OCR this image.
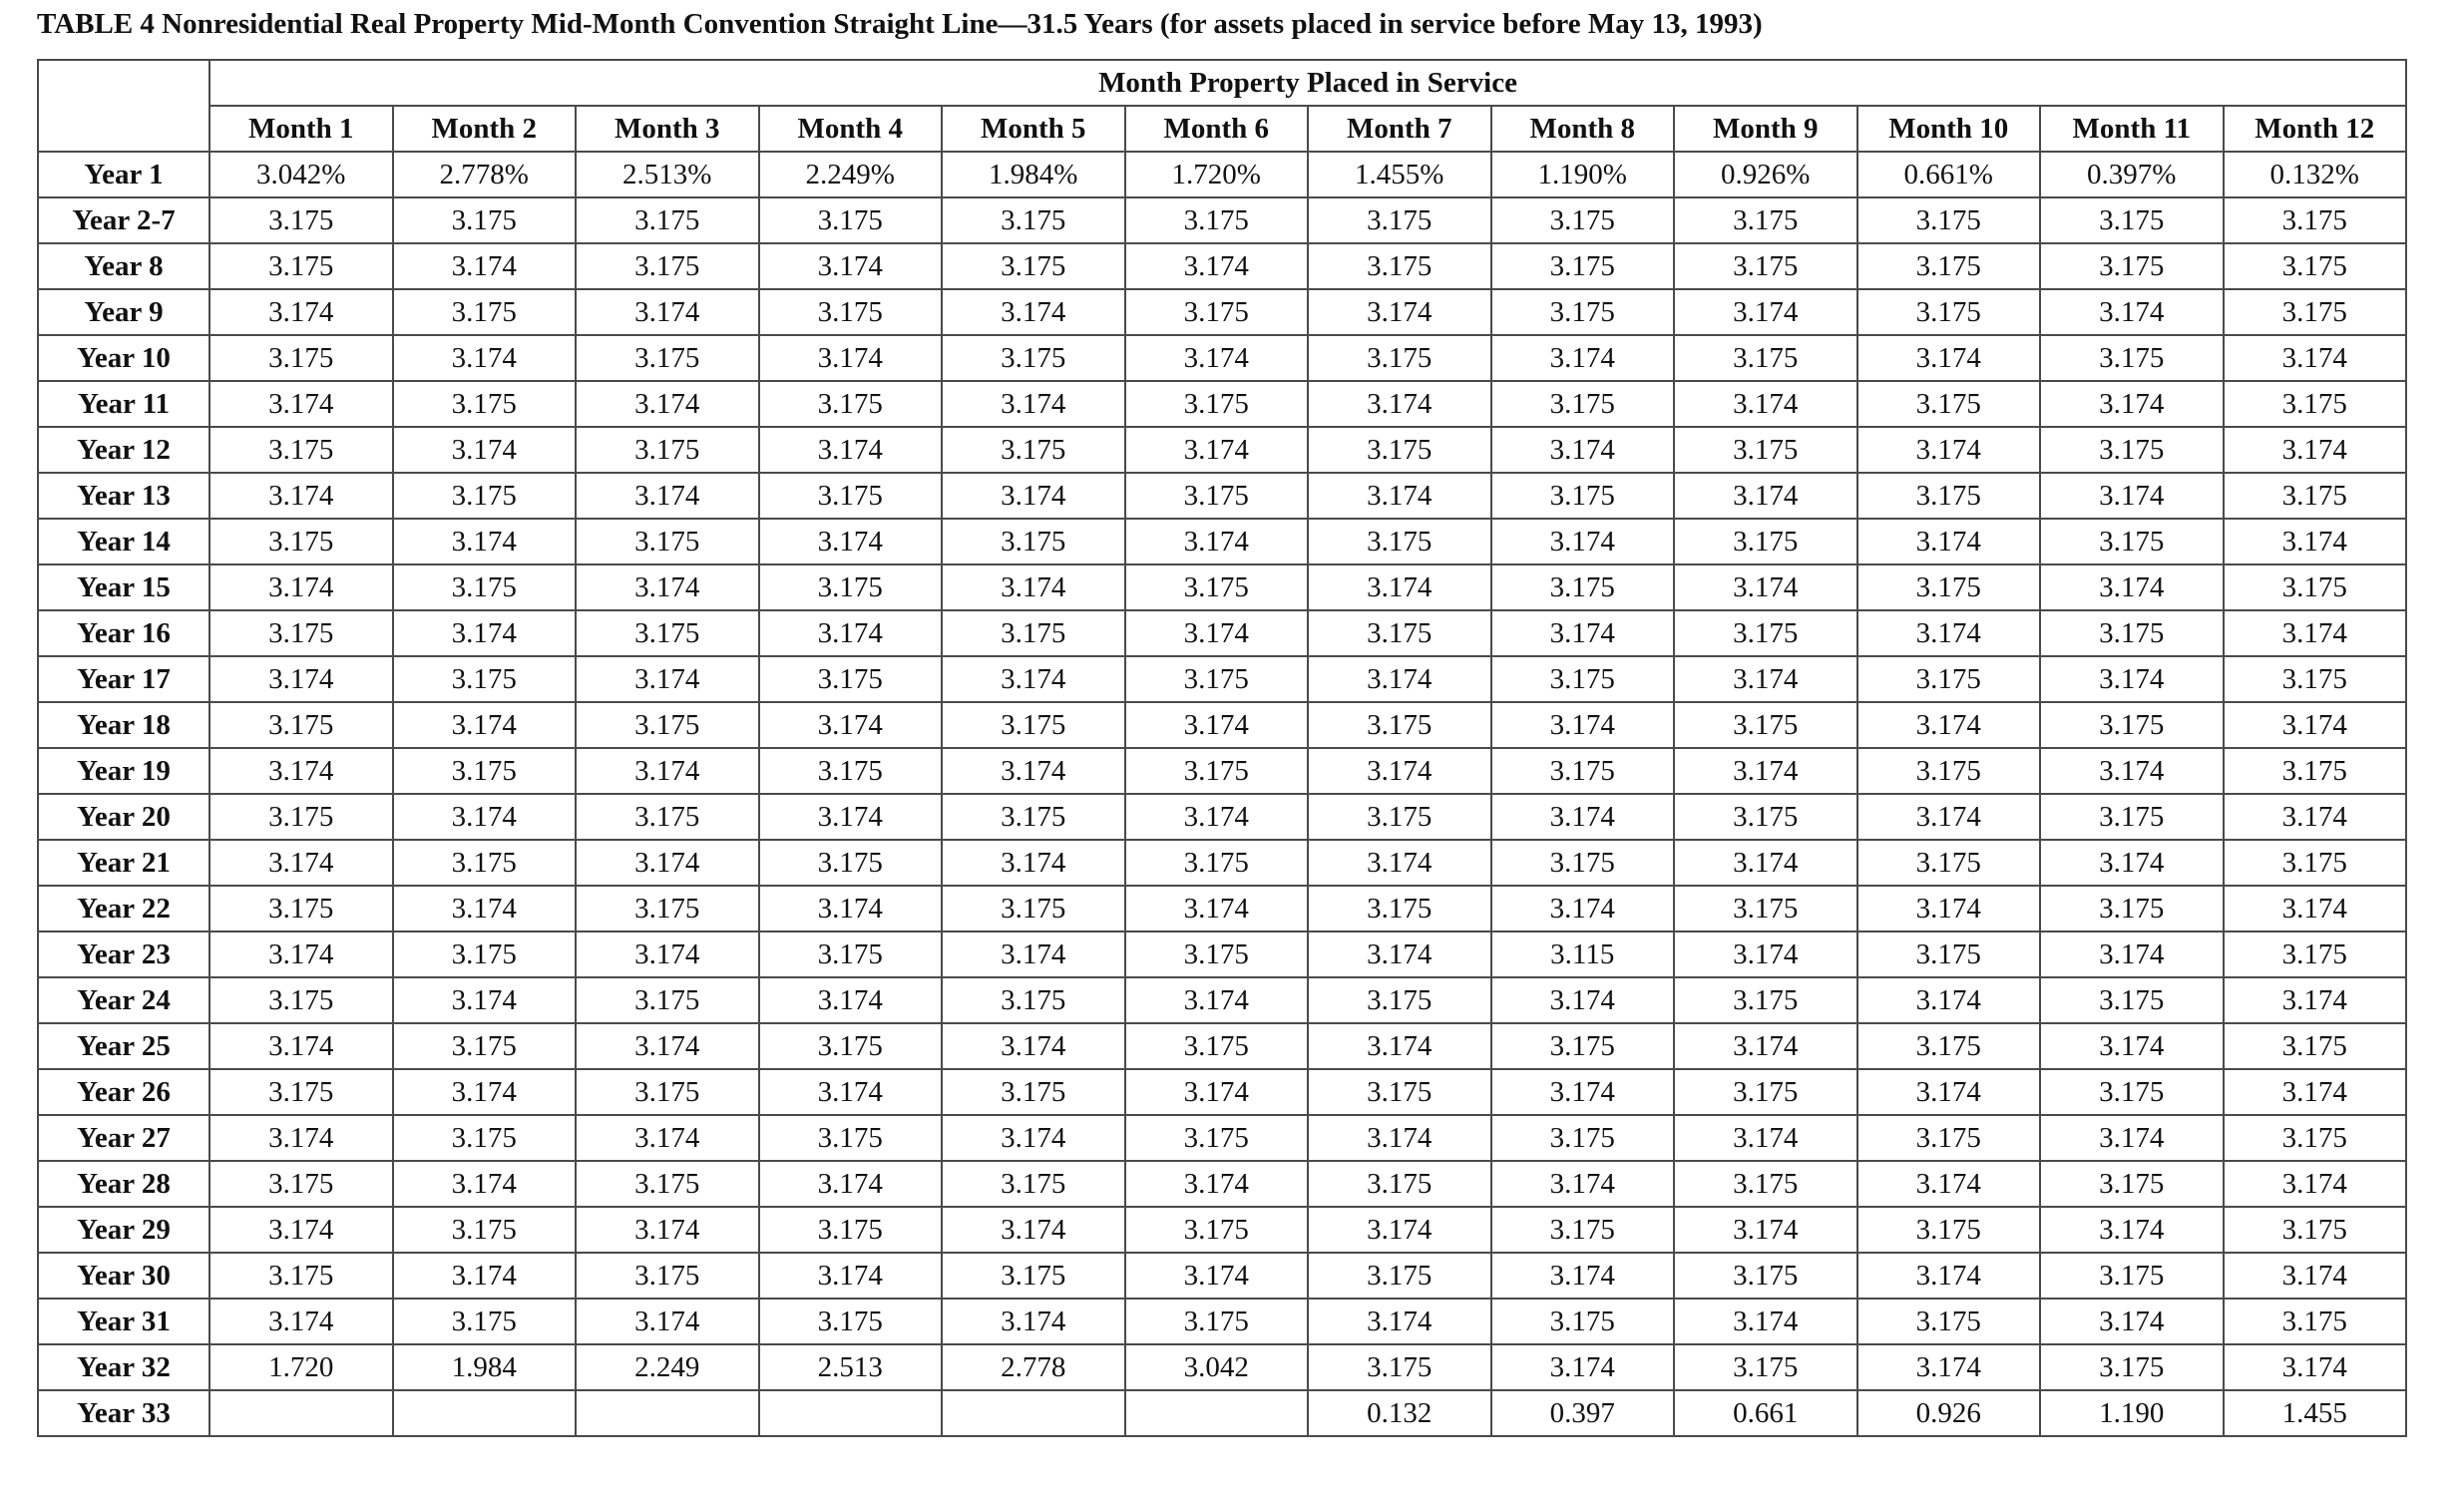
TABLE 4 Nonresidential Real Property Mid-Month Convention Straight Line—31.5 Years (for assets placed in service before May 13, 1993)
	Month Property Placed in Service											
	Month 1	Month 2	Month 3	Month 4	Month 5	Month 6	Month 7	Month 8	Month 9	Month 10	Month 11	Month 12
Year 1	3.042%	2.778%	2.513%	2.249%	1.984%	1.720%	1.455%	1.190%	0.926%	0.661%	0.397%	0.132%
Year 2-7	3.175	3.175	3.175	3.175	3.175	3.175	3.175	3.175	3.175	3.175	3.175	3.175
Year 8	3.175	3.174	3.175	3.174	3.175	3.174	3.175	3.175	3.175	3.175	3.175	3.175
Year 9	3.174	3.175	3.174	3.175	3.174	3.175	3.174	3.175	3.174	3.175	3.174	3.175
Year 10	3.175	3.174	3.175	3.174	3.175	3.174	3.175	3.174	3.175	3.174	3.175	3.174
Year 11	3.174	3.175	3.174	3.175	3.174	3.175	3.174	3.175	3.174	3.175	3.174	3.175
Year 12	3.175	3.174	3.175	3.174	3.175	3.174	3.175	3.174	3.175	3.174	3.175	3.174
Year 13	3.174	3.175	3.174	3.175	3.174	3.175	3.174	3.175	3.174	3.175	3.174	3.175
Year 14	3.175	3.174	3.175	3.174	3.175	3.174	3.175	3.174	3.175	3.174	3.175	3.174
Year 15	3.174	3.175	3.174	3.175	3.174	3.175	3.174	3.175	3.174	3.175	3.174	3.175
Year 16	3.175	3.174	3.175	3.174	3.175	3.174	3.175	3.174	3.175	3.174	3.175	3.174
Year 17	3.174	3.175	3.174	3.175	3.174	3.175	3.174	3.175	3.174	3.175	3.174	3.175
Year 18	3.175	3.174	3.175	3.174	3.175	3.174	3.175	3.174	3.175	3.174	3.175	3.174
Year 19	3.174	3.175	3.174	3.175	3.174	3.175	3.174	3.175	3.174	3.175	3.174	3.175
Year 20	3.175	3.174	3.175	3.174	3.175	3.174	3.175	3.174	3.175	3.174	3.175	3.174
Year 21	3.174	3.175	3.174	3.175	3.174	3.175	3.174	3.175	3.174	3.175	3.174	3.175
Year 22	3.175	3.174	3.175	3.174	3.175	3.174	3.175	3.174	3.175	3.174	3.175	3.174
Year 23	3.174	3.175	3.174	3.175	3.174	3.175	3.174	3.115	3.174	3.175	3.174	3.175
Year 24	3.175	3.174	3.175	3.174	3.175	3.174	3.175	3.174	3.175	3.174	3.175	3.174
Year 25	3.174	3.175	3.174	3.175	3.174	3.175	3.174	3.175	3.174	3.175	3.174	3.175
Year 26	3.175	3.174	3.175	3.174	3.175	3.174	3.175	3.174	3.175	3.174	3.175	3.174
Year 27	3.174	3.175	3.174	3.175	3.174	3.175	3.174	3.175	3.174	3.175	3.174	3.175
Year 28	3.175	3.174	3.175	3.174	3.175	3.174	3.175	3.174	3.175	3.174	3.175	3.174
Year 29	3.174	3.175	3.174	3.175	3.174	3.175	3.174	3.175	3.174	3.175	3.174	3.175
Year 30	3.175	3.174	3.175	3.174	3.175	3.174	3.175	3.174	3.175	3.174	3.175	3.174
Year 31	3.174	3.175	3.174	3.175	3.174	3.175	3.174	3.175	3.174	3.175	3.174	3.175
Year 32	1.720	1.984	2.249	2.513	2.778	3.042	3.175	3.174	3.175	3.174	3.175	3.174
Year 33							0.132	0.397	0.661	0.926	1.190	1.455
